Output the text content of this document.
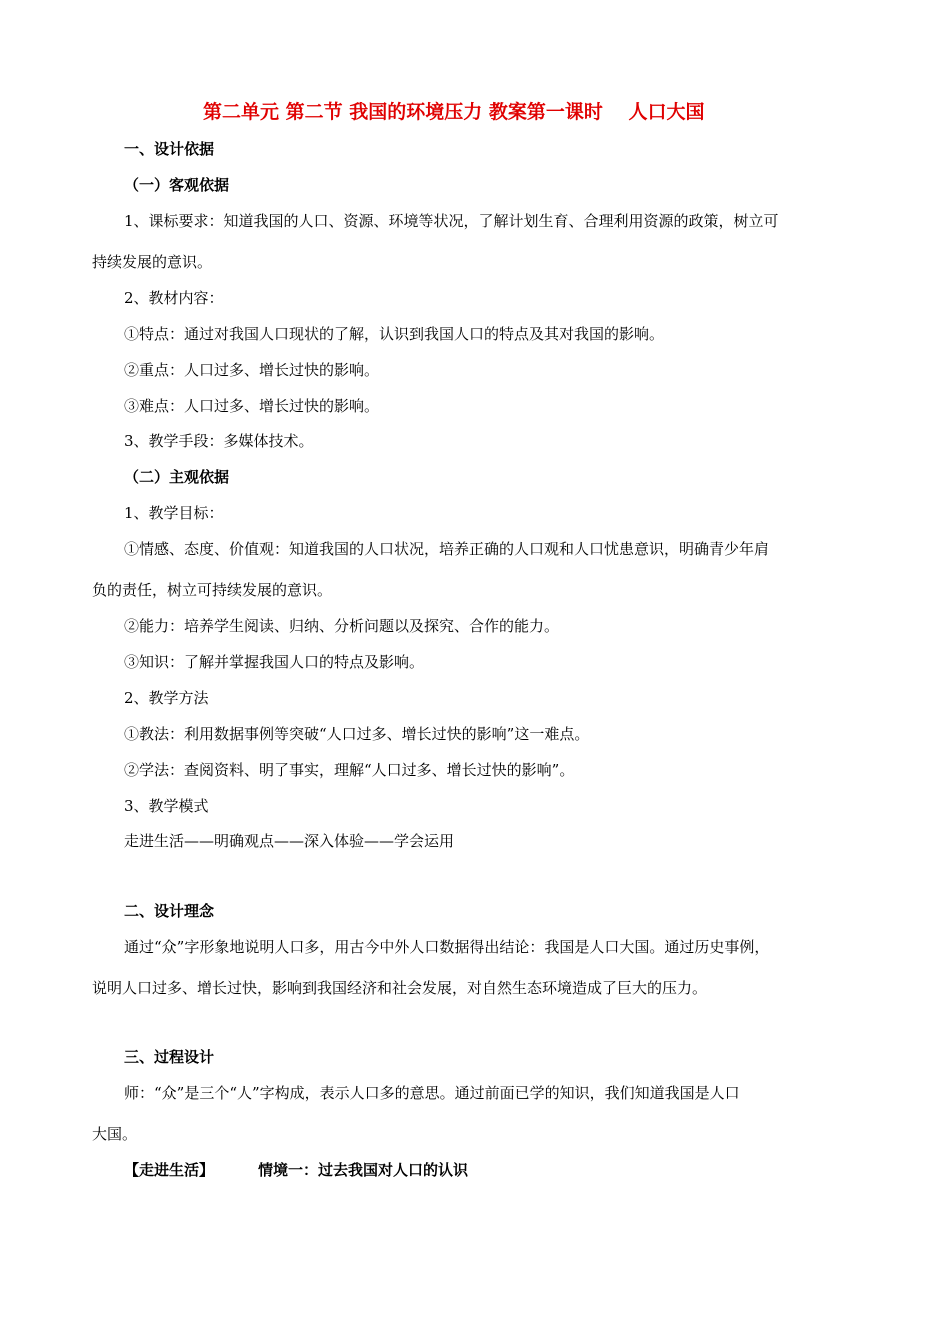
第二单元 第二节 我国的环境压力 教案第一课时　 人口大国
一、设计依据
（一）客观依据
1、课标要求：知道我国的人口、资源、环境等状况，了解计划生育、合理利用资源的政策，树立可
持续发展的意识。
2、教材内容：
①特点：通过对我国人口现状的了解，认识到我国人口的特点及其对我国的影响。
②重点：人口过多、增长过快的影响。
③难点：人口过多、增长过快的影响。
3、教学手段：多媒体技术。
（二）主观依据
1、教学目标：
①情感、态度、价值观：知道我国的人口状况，培养正确的人口观和人口忧患意识，明确青少年肩
负的责任，树立可持续发展的意识。
②能力：培养学生阅读、归纳、分析问题以及探究、合作的能力。
③知识：了解并掌握我国人口的特点及影响。
2、教学方法
①教法：利用数据事例等突破“人口过多、增长过快的影响”这一难点。
②学法：查阅资料、明了事实，理解“人口过多、增长过快的影响”。
3、教学模式
走进生活——明确观点——深入体验——学会运用
二、设计理念
通过“众”字形象地说明人口多，用古今中外人口数据得出结论：我国是人口大国。通过历史事例，
说明人口过多、增长过快，影响到我国经济和社会发展，对自然生态环境造成了巨大的压力。
三、过程设计
师：“众”是三个“人”字构成，表示人口多的意思。通过前面已学的知识，我们知道我国是人口
大国。
【走进生活】	情境一：过去我国对人口的认识
